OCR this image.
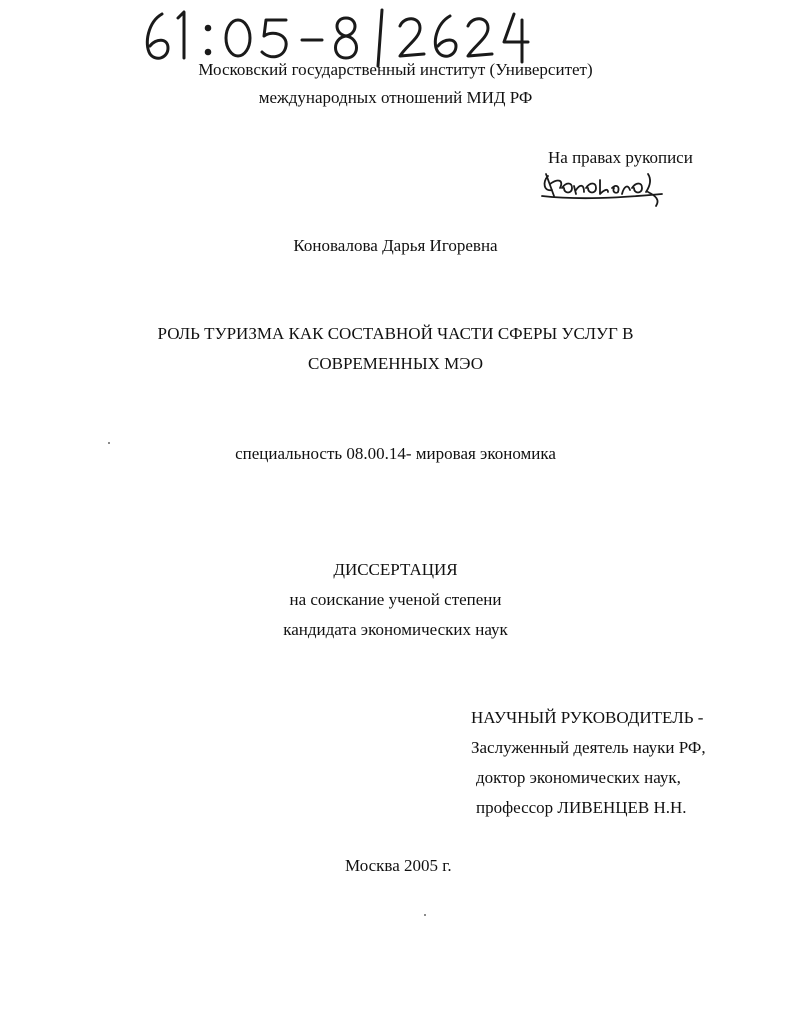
Московский государственный институт (Университет)
международных отношений МИД РФ
На правах рукописи
Коновалова Дарья Игоревна
РОЛЬ ТУРИЗМА КАК СОСТАВНОЙ ЧАСТИ СФЕРЫ УСЛУГ В
СОВРЕМЕННЫХ МЭО
специальность 08.00.14- мировая экономика
ДИССЕРТАЦИЯ
на соискание ученой степени
кандидата экономических наук
НАУЧНЫЙ РУКОВОДИТЕЛЬ -
Заслуженный деятель науки РФ,
доктор экономических наук,
профессор ЛИВЕНЦЕВ Н.Н.
Москва 2005 г.
